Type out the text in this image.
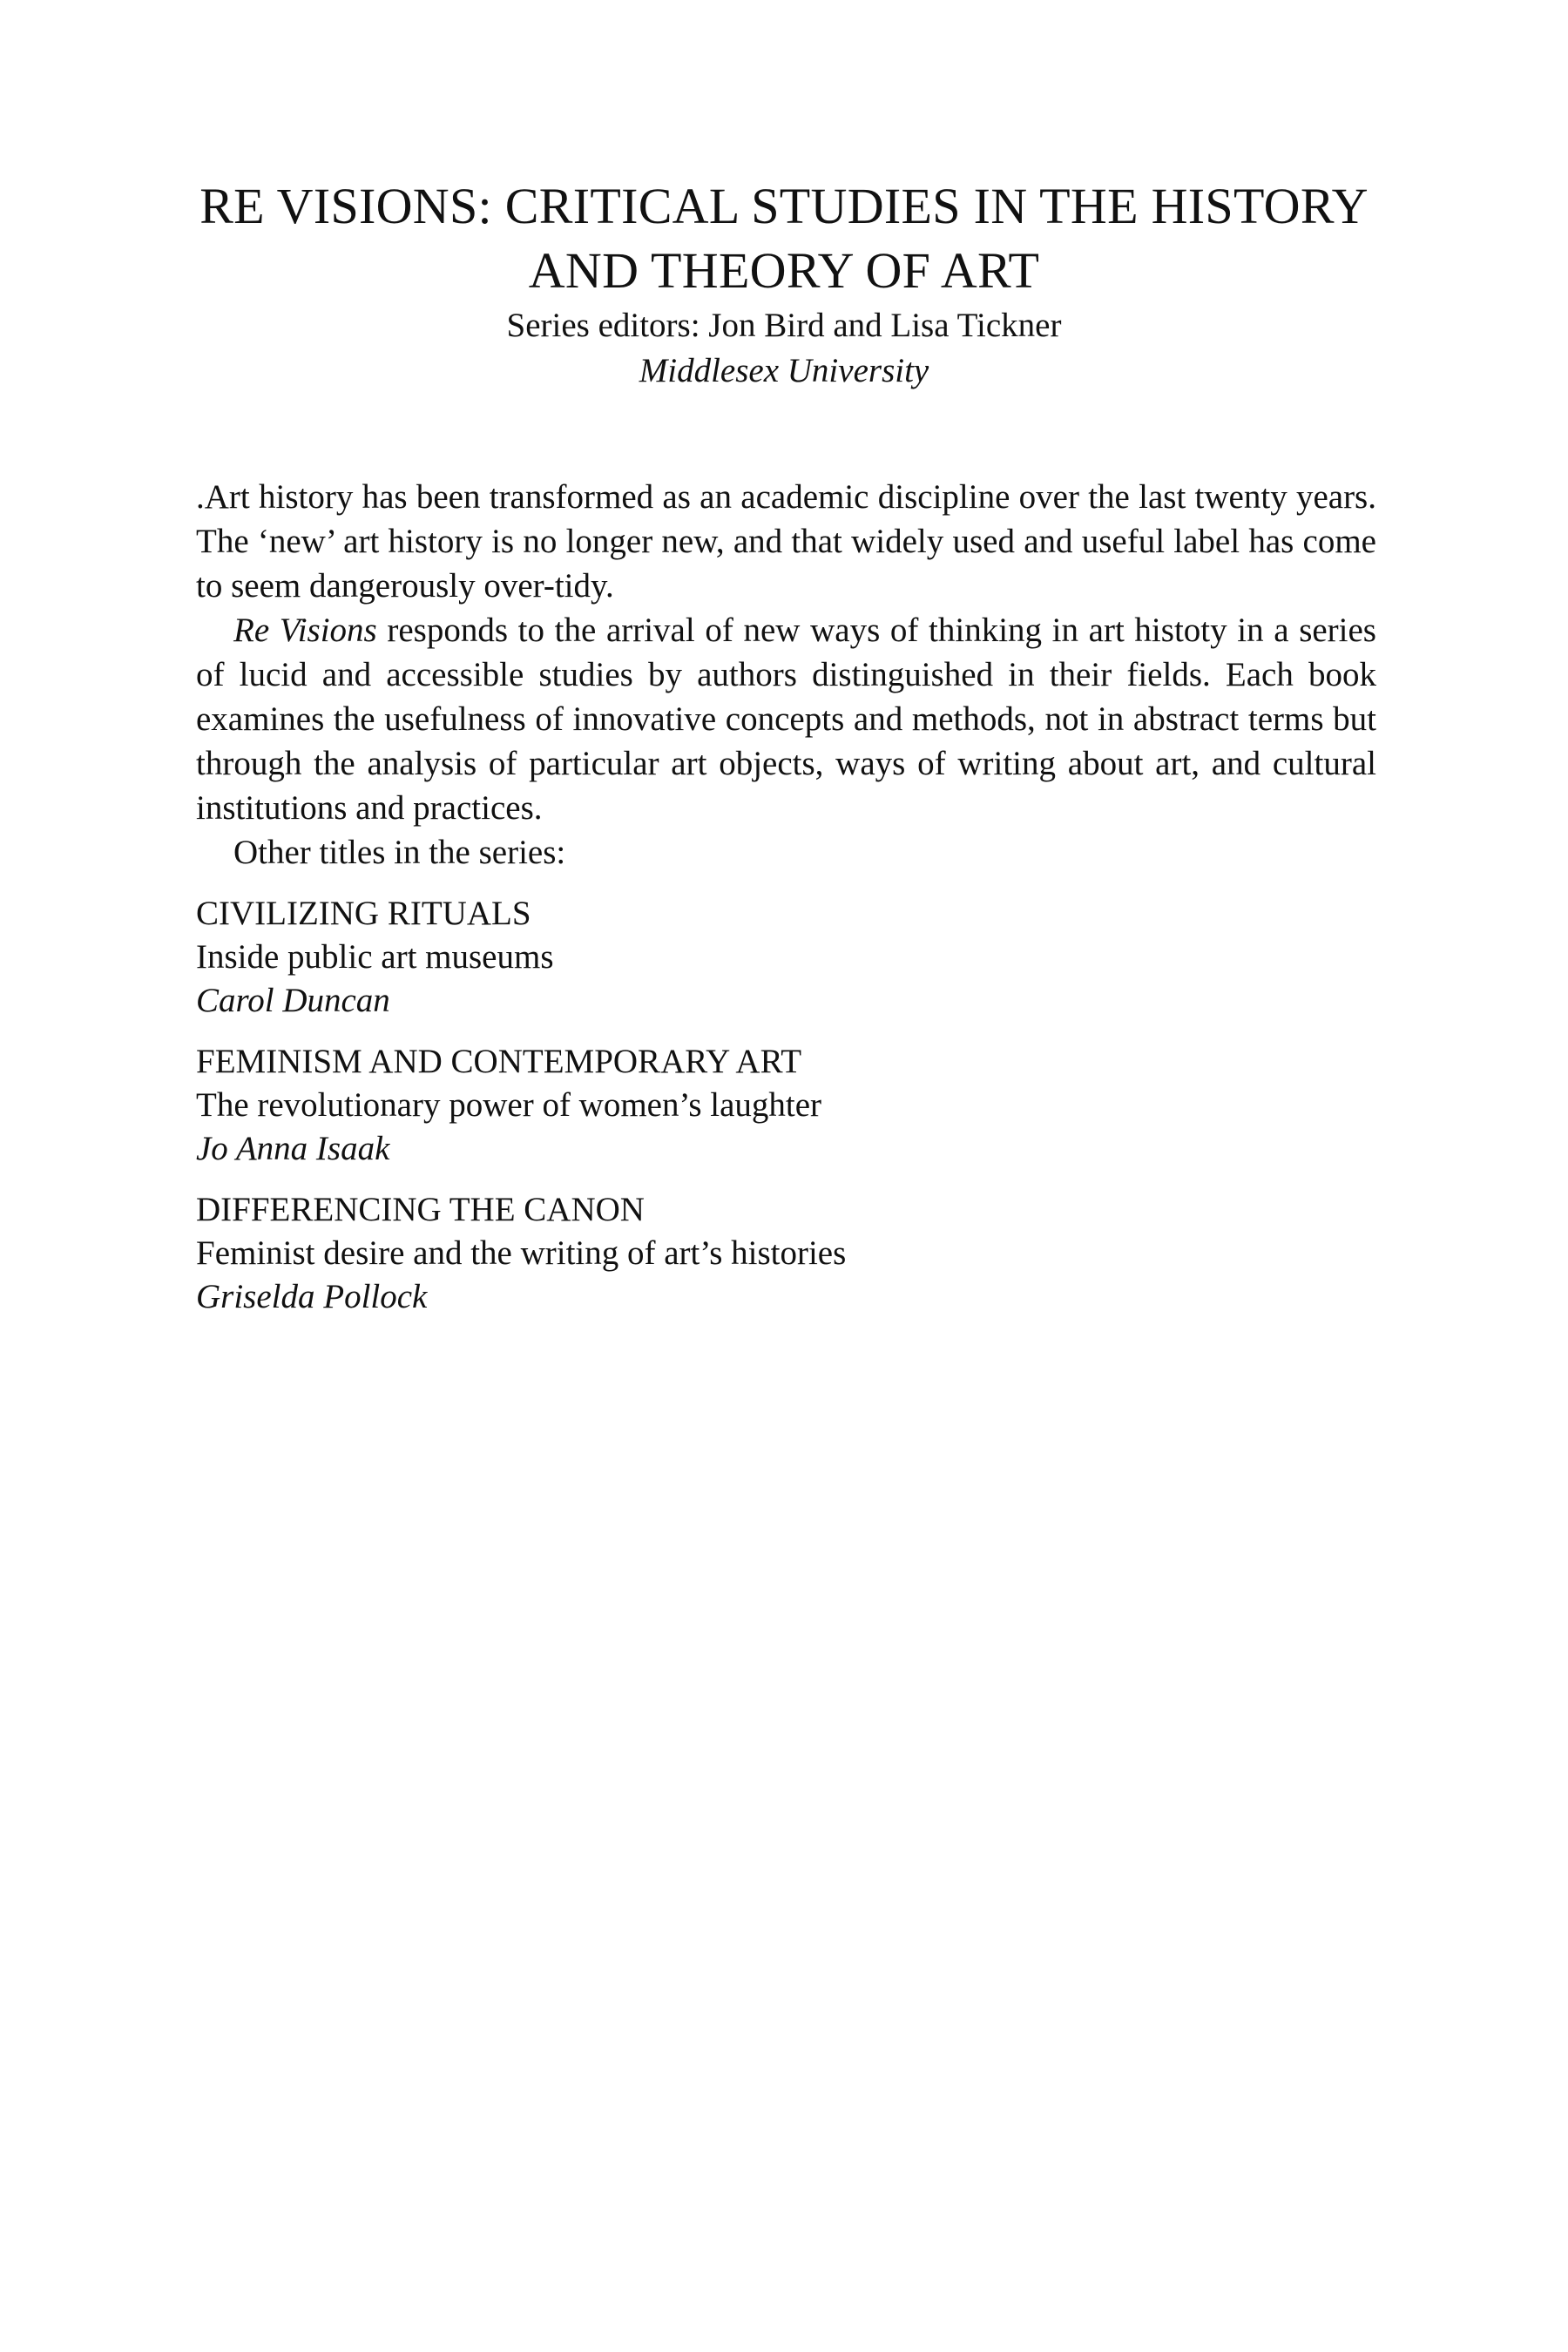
RE VISIONS: CRITICAL STUDIES IN THE HISTORY

AND THEORY OF ART

Series editors: Jon Bird and Lisa Tickner

Middlesex University

.Art history has been transformed as an academic discipline over the last twenty years. The ‘new’ art history is no longer new, and that widely used and useful label has come to seem dangerously over-tidy.

Re Visions responds to the arrival of new ways of thinking in art histoty in a series of lucid and accessible studies by authors distinguished in their fields. Each book examines the usefulness of innovative concepts and methods, not in abstract terms but through the analysis of particular art objects, ways of writing about art, and cultural institutions and practices.

Other titles in the series:

CIVILIZING RITUALS
Inside public art museums
Carol Duncan
FEMINISM AND CONTEMPORARY ART
The revolutionary power of women’s laughter
Jo Anna Isaak
DIFFERENCING THE CANON
Feminist desire and the writing of art’s histories
Griselda Pollock
